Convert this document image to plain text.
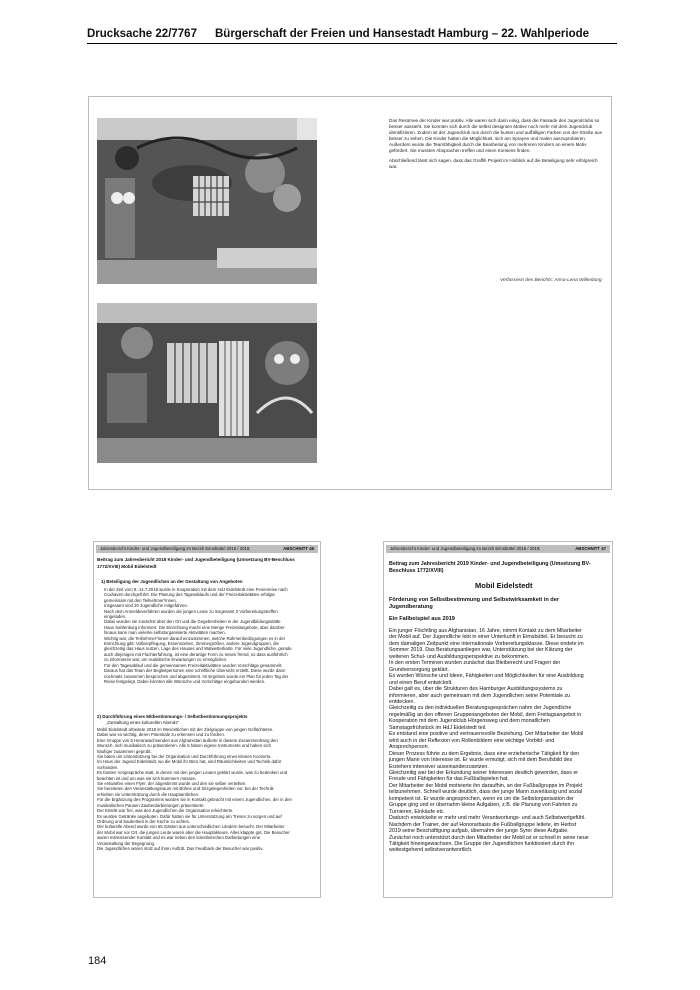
Drucksache 22/7767 Bürgerschaft der Freien und Hansestadt Hamburg – 22. Wahlperiode

Das Resümee der Kinder war positiv. Alle waren sich darin einig, dass die Fassade des Jugendclubs so besser aussieht. Sie konnten sich durch die selbst designten Motive noch mehr mit dem Jugendclub identifizieren. Zudem ist der Jugendclub nun durch die bunten und auffälligen Farben von der Straße aus besser zu sehen. Die Kinder hatten die Möglichkeit, sich am Sprayen und malen auszuprobieren. Außerdem wurde die Teamfähigkeit durch die Bearbeitung von mehreren Kindern an einem Motiv gefördert. Sie mussten Absprachen treffen und einen Konsens finden.

Abschließend lässt sich sagen, dass das Graffiti Projekt im Hinblick auf die Beteiligung sehr erfolgreich war.

Verfasserin des Berichts: Anna-Lena Willenborg
Jahresbericht Kinder- und Jugendbeteiligung im Bezirk Eimsbüttel 2018 / 2019;	ABSCHNITT 46
Beitrag zum Jahresbericht 2018 Kinder- und Jugendbeteiligung (Umsetzung BV-Beschluss
1772/XVIII) Mobil Eidelstedt
1) Beteiligung der Jugendlichen an der Gestaltung von Angeboten
In der Zeit vom 9.-14.7.2018 wurde in Kooperation mit dem HdJ Eidelstedt eine Ferienreise nach
Cuxhaven durchgeführt. Die Planung des Tagesablaufs und der Freizeitaktivitäten erfolgte
gemeinsam mit den Teilnehmer*innen.
Insgesamt sind 20 Jugendliche mitgefahren.
Nach dem Anmeldeverfahren wurden die jungen Leute zu insgesamt 3 Vorbereitungstreffen
eingeladen.
Dabei wurden sie zunächst über den Ort und die Gegebenheiten in der Jugendbildungsstätte
Haus Sahlenburg informiert. Die Einrichtung macht eine Menge Freizeitangebote, aber darüber
hinaus kann man vielerlei selbstorganisierte Aktivitäten machen.
Wichtig war, die Teilnehmer*innen darauf einzustimmen, welche Rahmenbedingungen es in der
Einrichtung gibt: Vollverpflegung, Essenszeiten, Zimmergrößen, andere Jugendgruppen, die
gleichzeitig das Haus nutzen, Lage des Hauses und Watwetterkarte. Für viele Jugendliche, gerade
auch diejenigen mit Fluchterfahrung, ist eine derartige Form zu reisen fremd, so dass ausführlich
zu informieren war, um realistische Erwartungen zu ermöglichen.
Für den Tagesablauf und die gemeinsamen Freizeitaktivitäten wurden Vorschläge gesammelt.
Daraus hat das Team der Begleitpersonen eine schriftliche Übersicht erstellt. Diese wurde dann
nochmals zusammen besprochen und abgestimmt. Im Ergebnis wurde ein Plan für jeden Tag der
Reise festgelegt. Dabei konnten alle Wünsche und Vorschläge eingebunden werden.
2) Durchführung eines Mitbestimmungs- / Selbstbestimmungsprojekts
„Gestaltung eines kulturellen Abends“
Mobil Eidelstedt arbeitete 2018 im Wesentlichen mit der Zielgruppe von jungen Geflüchteten.
Dabei war es wichtig, deren Potentiale zu erkennen und zu fördern.
Eine Gruppe von 5 Heranwachsenden aus Afghanistan äußerte in diesem Zusammenhang den
Wunsch, sich musikalisch zu präsentieren. Alle 5 haben eigene Instrumente und haben sich
häufiger zusammen geprobt.
Sie baten um Unterstützung bei der Organisation und Durchführung eines kleinen Konzerts.
Im Haus der Jugend Eidelstedt, wo die Mobil ihr Büro hat, sind Räumlichkeiten und Technik dafür
vorhanden.
Es fanden Vorgespräche statt, in denen mit den jungen Leuten geklärt wurde, was zu bedenken und
beachten ist und um was sie sich kümmern müssen.
Sie entwarfen einen Flyer, der abgestimmt wurde und den sie selber verteilten.
Sie bereiteten den Veranstaltungsraum mit Bühne und Sitzgelegenheiten vor, bei der Technik
erhielten sie Unterstützung durch die Hauptamtlichen.
Für die Ergänzung des Programms wurden sie in Kontakt gebracht mit einem Jugendlichen, der in den
musikalischen Pausen Zauberdarbietungen präsentierte.
Der Eintritt war frei, was den Jugendlichen die Organisation erleichterte.
Es wurden Getränke angeboten. Dafür hatten sie für Unterstützung am Tresen zu sorgen und auf
Ordnung und Sauberkeit in der Küche zu achten.
Der kulturelle Abend wurde von 65 Gästen aus unterschiedlichen Ländern besucht. Der Mitarbeiter
der Mobil war vor Ort, die jungen Leute waren aber die Hauptakteure. Alles klappte gut. Die Besucher
waren mitreissender Kontakt und es war neben den künstlerischen Darbietungen eine
Veranstaltung der Begegnung.
Die Jugendlichen waren stolz auf ihren Auftritt. Das Feedback der Besucher war positiv.
Jahresbericht Kinder- und Jugendbeteiligung im Bezirk Eimsbüttel 2018 / 2019;	ABSCHNITT 47
Beitrag zum Jahresbericht 2019 Kinder- und Jugendbeteiligung (Umsetzung BV-
Beschluss 1772/XVIII)
Mobil Eidelstedt
Förderung von Selbstbestimmung und Selbstwirksamkeit in der
Jugendberatung
Ein Fallbeispiel aus 2019
Ein junger Flüchtling aus Afghanistan, 16 Jahre, nimmt Kontakt zu dem Mitarbeiter
der Mobil auf. Der Jugendliche lebt in einer Unterkunft in Eimsbüttel. Er besucht zu
dem damaligen Zeitpunkt eine internationale Vorbereitungsklasse. Diese endete im
Sommer 2019. Das Beratungsanliegen war, Unterstützung bei der Klärung der
weiteren Schul- und Ausbildungsperspektive zu bekommen.
In den ersten Terminen wurden zunächst das Bleiberecht und Fragen der
Grundversorgung geklärt.
Es wurden Wünsche und Ideen, Fähigkeiten und Möglichkeiten für eine Ausbildung
und einen Beruf entwickelt.
Dabei galt es, über die Strukturen des Hamburger Ausbildungssystems zu
informieren, aber auch gemeinsam mit dem Jugendlichen seine Potentiale zu
entdecken.
Gleichzeitig zu den individuellen Beratungsgesprächen nahm der Jugendliche
regelmäßig an den offenen Gruppenangeboten der Mobil, dem Freitagsangebot in
Kooperation mit dem Jugendclub Hörgensweg und dem monatlichen
Samstagsfrühstück im HdJ Eidelstedt teil.
Es entstand eine positive und vertrauensvolle Beziehung. Der Mitarbeiter der Mobil
wird auch in der Reflexion von Rollenbildern eine wichtige Vorbild- und
Ansprechperson.
Dieser Prozess führte zu dem Ergebnis, dass eine erzieherische Tätigkeit für den
jungen Mann von Interesse ist. Er wurde ermutigt, sich mit dem Berufsbild des
Erziehers intensiver auseinanderzusetzen.
Gleichzeitig war bei der Erkundung seiner Interessen deutlich geworden, dass er
Freude und Fähigkeiten für das Fußballspielen hat.
Der Mitarbeiter der Mobil motivierte ihn daraufhin, an der Fußballgruppe im Projekt
teilzunehmen. Schnell wurde deutlich, dass der junge Mann zuverlässig und sozial
kompetent ist. Er wurde angesprochen, wenn es um die Selbstorganisation der
Gruppe ging und er übernahm kleine Aufgaben, z.B. die Planung von Fahrten zu
Turnieren, Einkäufe etc.
Dadurch entwickelte er mehr und mehr Verantwortungs- und auch Selbstwertgefühl.
Nachdem der Trainer, der auf Honorarbasis die Fußballgruppe leitete, im Herbst
2019 seine Beschäftigung aufgab, übernahm der junge Syrer diese Aufgabe.
Zunächst noch unterstützt durch den Mitarbeiter der Mobil ist er schnell in seine neue
Tätigkeit hineingewachsen. Die Gruppe der Jugendlichen funktioniert durch ihn
weitestgehend selbstverantwortlich.
184
